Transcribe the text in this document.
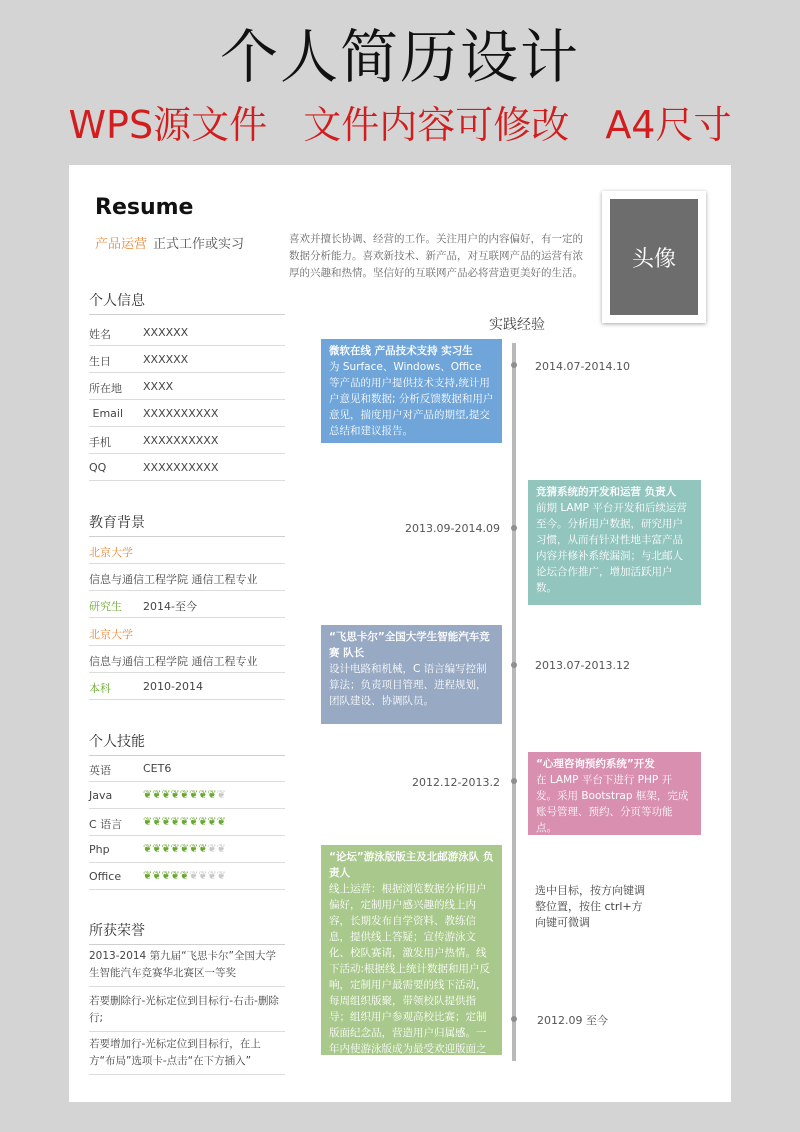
个人简历设计
WPS源文件 文件内容可修改 A4尺寸
Resume
产品运营 正式工作或实习	喜欢并擅长协调、经营的工作。关注用户的内容偏好，有一定的数据分析能力。喜欢新技术、新产品，对互联网产品的运营有浓厚的兴趣和热情。坚信好的互联网产品必将营造更美好的生活。
头像
个人信息
姓名	XXXXXX
生日	XXXXXX
所在地 XXXX
Email XXXXXXXXXX
手机	XXXXXXXXXX
QQ	XXXXXXXXXX
教育背景
北京大学
信息与通信工程学院 通信工程专业
研究生 2014-至今
北京大学
信息与通信工程学院 通信工程专业
本科	2010-2014
个人技能
英语	CET6
Java	❦❦❦❦❦❦❦❦❦
C 语言 ❦❦❦❦❦❦❦❦❦
Php	❦❦❦❦❦❦❦❦❦
Office ❦❦❦❦❦❦❦❦❦
所获荣誉
2013-2014 第九届“飞思卡尔”全国大学生智能汽车竞赛华北赛区一等奖
若要删除行-光标定位到目标行-右击-删除行;
若要增加行-光标定位到目标行，在上方“布局”选项卡-点击“在下方插入”
实践经验
2014.07-2014.10
微软在线 产品技术支持 实习生
为 Surface、Windows、Office 等产品的用户提供技术支持,统计用户意见和数据; 分析反馈数据和用户意见，揣度用户对产品的期望,提交总结和建议报告。
2013.09-2014.09
竞猜系统的开发和运营 负责人
前期 LAMP 平台开发和后续运营至今。分析用户数据，研究用户习惯，从而有针对性地丰富产品内容并修补系统漏洞；与北邮人论坛合作推广，增加活跃用户数。
2013.07-2013.12
“飞思卡尔”全国大学生智能汽车竞赛 队长
设计电路和机械，C 语言编写控制算法；负责项目管理、进程规划，团队建设、协调队员。
2012.12-2013.2
“心理咨询预约系统”开发
在 LAMP 平台下进行 PHP 开发。采用 Bootstrap 框架，完成账号管理、预约、分页等功能点。
选中目标，按方向键调整位置，按住 ctrl+方向键可微调
2012.09 至今
“论坛”游泳版版主及北邮游泳队 负责人
线上运营：根据浏览数据分析用户偏好，定制用户感兴趣的线上内容，长期发布自学资料、教练信息，提供线上答疑；宣传游泳文化、校队赛请，激发用户热情。线下活动:根据线上统计数据和用户反响，定制用户最需要的线下活动，每周组织版聚，带领校队提供指导；组织用户参观高校比赛；定制版面纪念品，营造用户归属感。一年内使游泳版成为最受欢迎版面之一。
